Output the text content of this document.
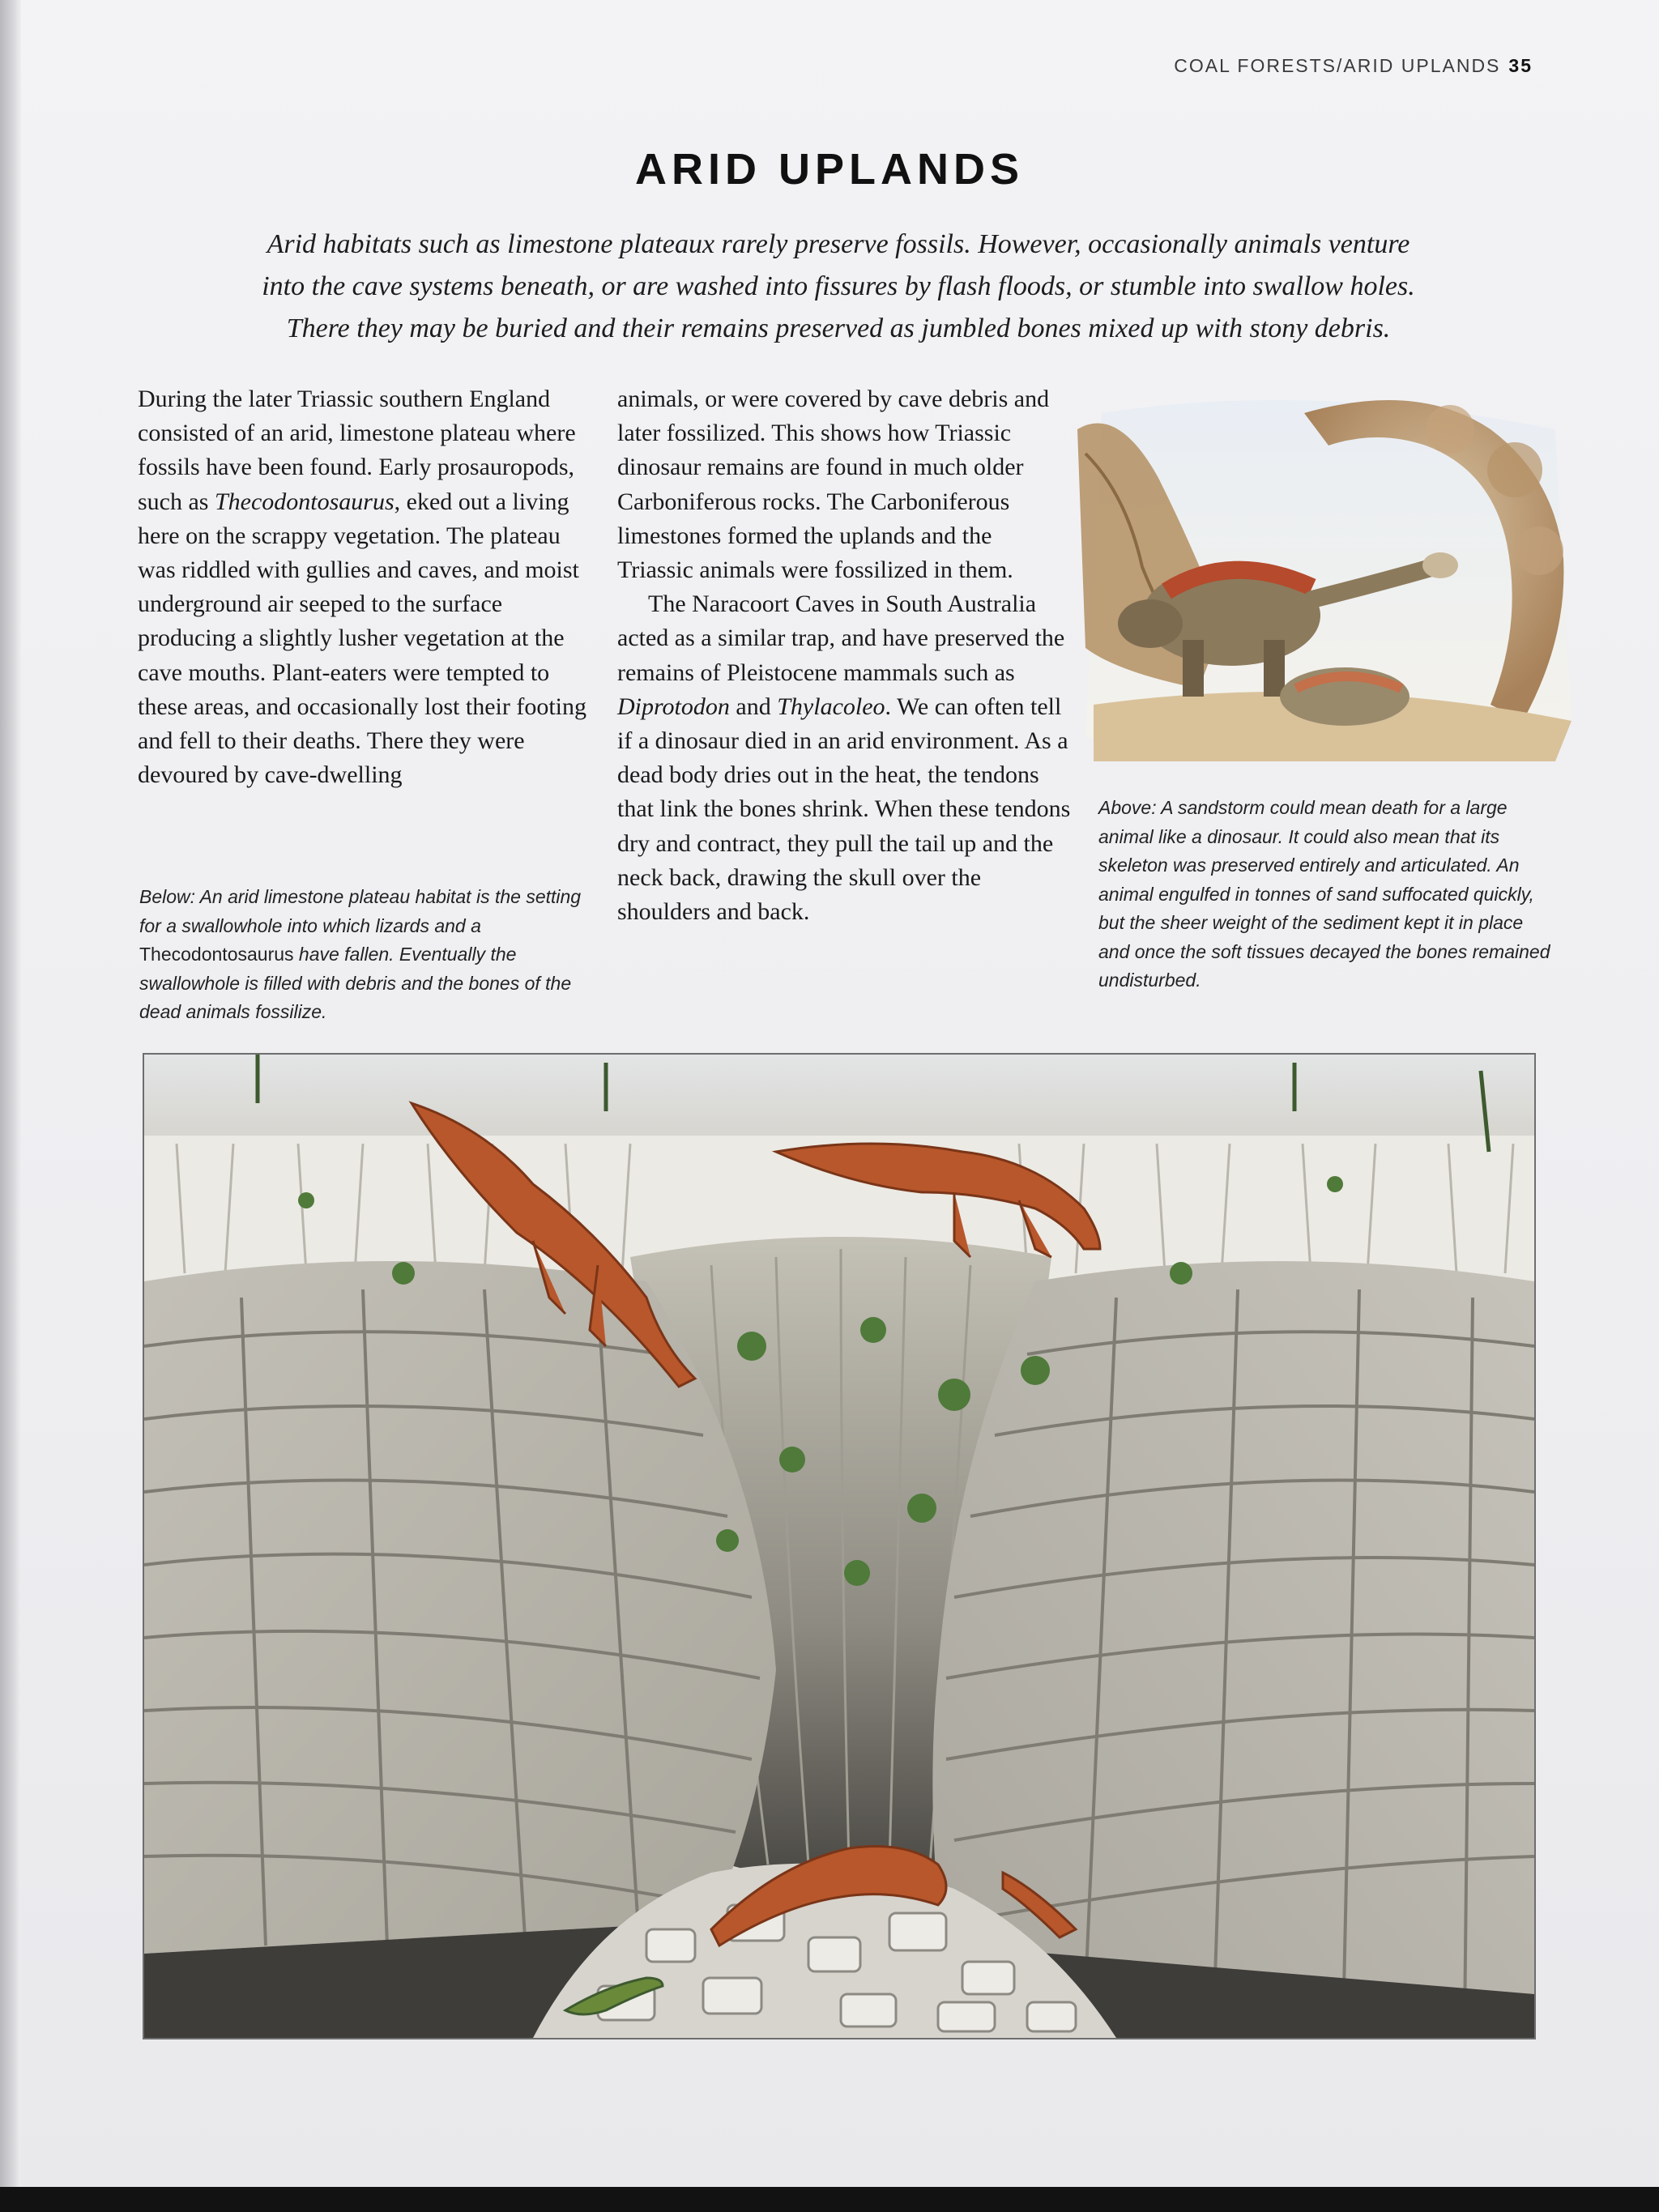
COAL FORESTS/ARID UPLANDS 35
ARID UPLANDS
Arid habitats such as limestone plateaux rarely preserve fossils. However, occasionally animals venture
into the cave systems beneath, or are washed into fissures by flash floods, or stumble into swallow holes.
There they may be buried and their remains preserved as jumbled bones mixed up with stony debris.

During the later Triassic southern England consisted of an arid, limestone plateau where fossils have been found. Early prosauropods, such as Thecodontosaurus, eked out a living here on the scrappy vegetation. The plateau was riddled with gullies and caves, and moist underground air seeped to the surface producing a slightly lusher vegetation at the cave mouths. Plant-eaters were tempted to these areas, and occasionally lost their footing and fell to their deaths. There they were devoured by cave-dwelling

animals, or were covered by cave debris and later fossilized. This shows how Triassic dinosaur remains are found in much older Carboniferous rocks. The Carboniferous limestones formed the uplands and the Triassic animals were fossilized in them.

The Naracoort Caves in South Australia acted as a similar trap, and have preserved the remains of Pleistocene mammals such as Diprotodon and Thylacoleo. We can often tell if a dinosaur died in an arid environment. As a dead body dries out in the heat, the tendons that link the bones shrink. When these tendons dry and contract, they pull the tail up and the neck back, drawing the skull over the shoulders and back.

Below: An arid limestone plateau habitat is the setting for a swallowhole into which lizards and a Thecodontosaurus have fallen. Eventually the swallowhole is filled with debris and the bones of the dead animals fossilize.
Above: A sandstorm could mean death for a large animal like a dinosaur. It could also mean that its skeleton was preserved entirely and articulated. An animal engulfed in tonnes of sand suffocated quickly, but the sheer weight of the sediment kept it in place and once the soft tissues decayed the bones remained undisturbed.
